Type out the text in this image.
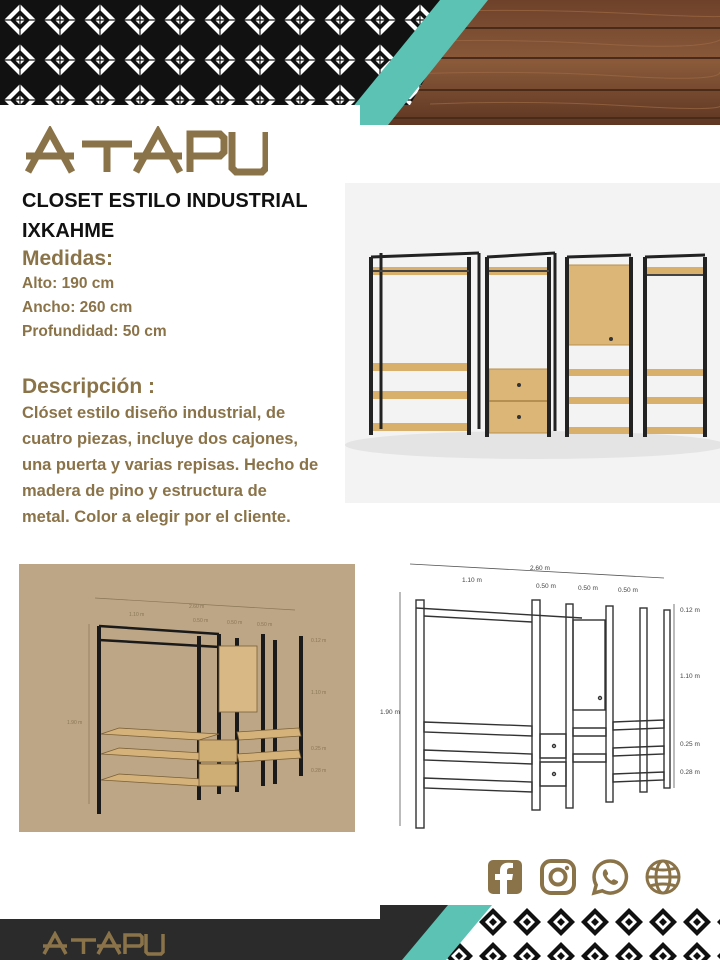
CLOSET ESTILO INDUSTRIAL
IXKAHME
Medidas:
Alto: 190 cm
Ancho: 260 cm
Profundidad: 50 cm
Descripción :
Clóset estilo diseño industrial, de
cuatro piezas, incluye dos cajones,
una puerta y varias repisas. Hecho de
madera de pino y estructura de
metal. Color a elegir por el cliente.
2.60 m
1.10 m
0.50 m	0.50 m	0.50 m
1.90 m
0.12 m
1.10 m
0.25 m
0.28 m
2.60 m
1.10 m
0.50 m	0.50 m	0.50 m
1.90 m
0.12 m
1.10 m
0.25 m
0.28 m
